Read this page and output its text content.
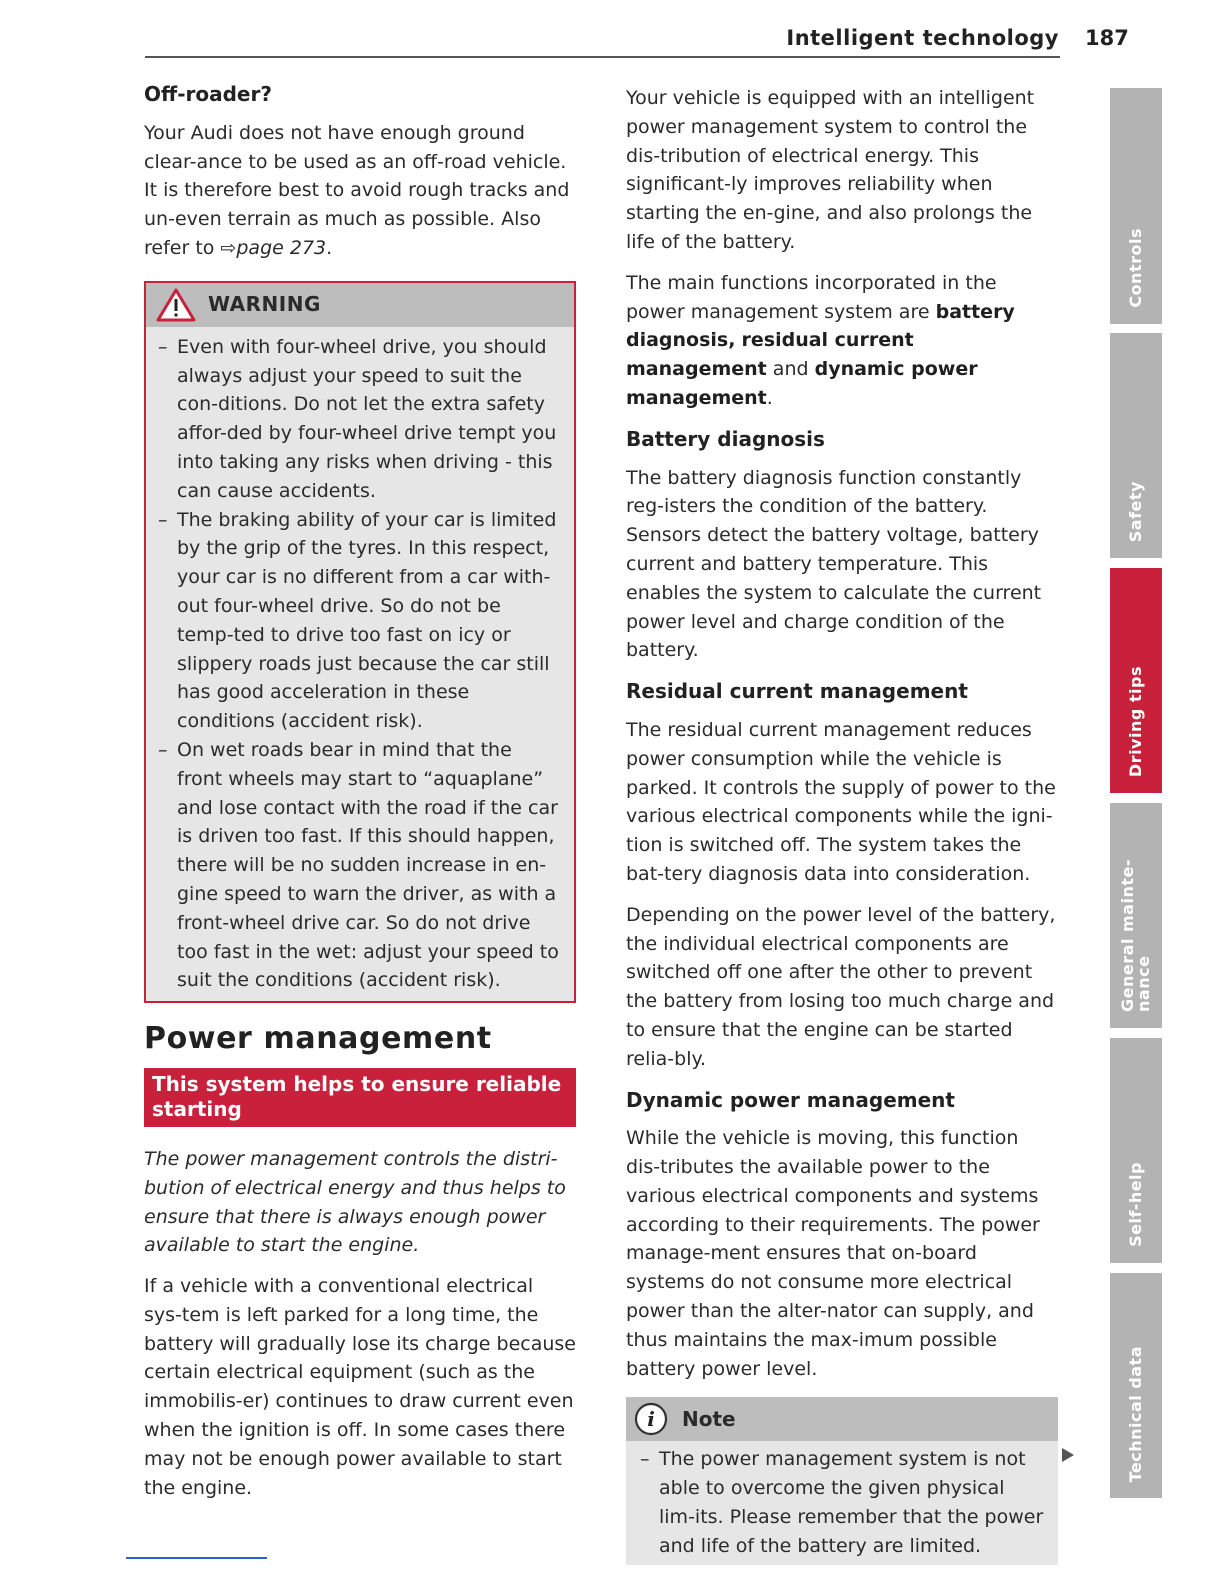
Intelligent technology 187
Off-roader?

Your Audi does not have enough ground clear-ance to be used as an off-road vehicle. It is therefore best to avoid rough tracks and un-even terrain as much as possible. Also refer to ⇨page 273.

WARNING
– Even with four-wheel drive, you should always adjust your speed to suit the con-ditions. Do not let the extra safety affor-ded by four-wheel drive tempt you into taking any risks when driving - this can cause accidents.
– The braking ability of your car is limited by the grip of the tyres. In this respect, your car is no different from a car with-out four-wheel drive. So do not be temp-ted to drive too fast on icy or slippery roads just because the car still has good acceleration in these conditions (accident risk).
– On wet roads bear in mind that the front wheels may start to “aquaplane” and lose contact with the road if the car is driven too fast. If this should happen, there will be no sudden increase in en-gine speed to warn the driver, as with a front-wheel drive car. So do not drive too fast in the wet: adjust your speed to suit the conditions (accident risk).
Power management
This system helps to ensure reliable starting

The power management controls the distri-bution of electrical energy and thus helps to ensure that there is always enough power available to start the engine.

If a vehicle with a conventional electrical sys-tem is left parked for a long time, the battery will gradually lose its charge because certain electrical equipment (such as the immobilis-er) continues to draw current even when the ignition is off. In some cases there may not be enough power available to start the engine.

Your vehicle is equipped with an intelligent power management system to control the dis-tribution of electrical energy. This significant-ly improves reliability when starting the en-gine, and also prolongs the life of the battery.

The main functions incorporated in the power management system are battery diagnosis, residual current management and dynamic power management.

Battery diagnosis

The battery diagnosis function constantly reg-isters the condition of the battery. Sensors detect the battery voltage, battery current and battery temperature. This enables the system to calculate the current power level and charge condition of the battery.

Residual current management

The residual current management reduces power consumption while the vehicle is parked. It controls the supply of power to the various electrical components while the igni-tion is switched off. The system takes the bat-tery diagnosis data into consideration.

Depending on the power level of the battery, the individual electrical components are switched off one after the other to prevent the battery from losing too much charge and to ensure that the engine can be started relia-bly.

Dynamic power management

While the vehicle is moving, this function dis-tributes the available power to the various electrical components and systems according to their requirements. The power manage-ment ensures that on-board systems do not consume more electrical power than the alter-nator can supply, and thus maintains the max-imum possible battery power level.

i Note
– The power management system is not able to overcome the given physical lim-its. Please remember that the power and life of the battery are limited.
Controls
Safety
Driving tips
General mainte-
nance
Self-help
Technical data
